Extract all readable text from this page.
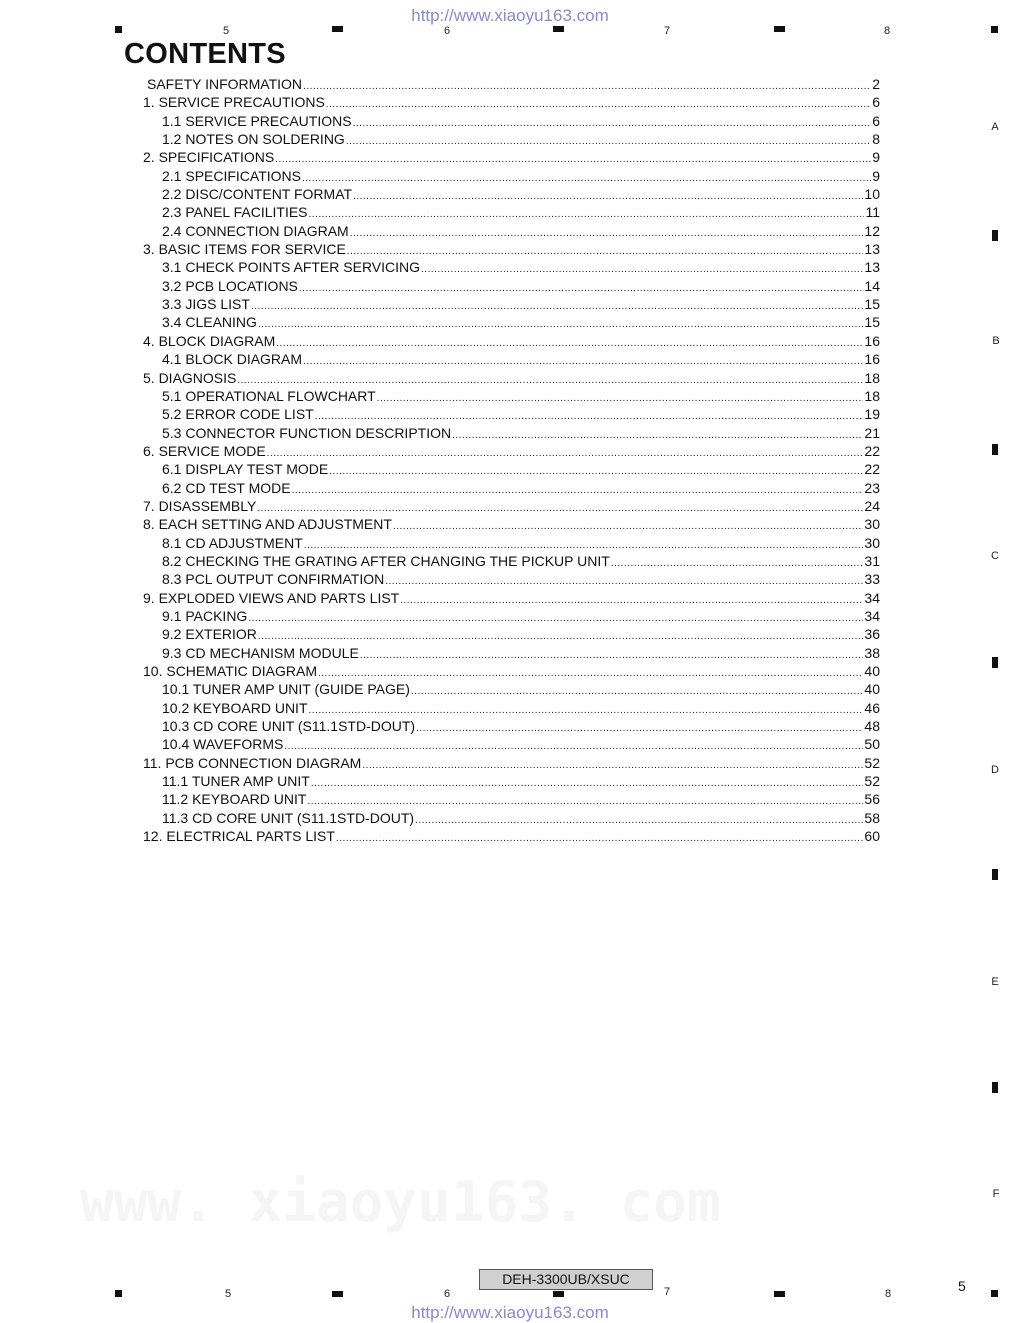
www. xiaoyu163. com
http://www.xiaoyu163.com
5	6	7	8
A
B
C
D
E
F
CONTENTS
SAFETY INFORMATION .....	2
1. SERVICE PRECAUTIONS .....	6
1.1 SERVICE PRECAUTIONS .....	6
1.2 NOTES ON SOLDERING .....	8
2. SPECIFICATIONS .....	9
2.1 SPECIFICATIONS .....	9
2.2 DISC/CONTENT FORMAT .....	10
2.3 PANEL FACILITIES .....	11
2.4 CONNECTION DIAGRAM .....	12
3. BASIC ITEMS FOR SERVICE .....	13
3.1 CHECK POINTS AFTER SERVICING .....	13
3.2 PCB LOCATIONS .....	14
3.3 JIGS LIST .....	15
3.4 CLEANING .....	15
4. BLOCK DIAGRAM .....	16
4.1 BLOCK DIAGRAM .....	16
5. DIAGNOSIS .....	18
5.1 OPERATIONAL FLOWCHART .....	18
5.2 ERROR CODE LIST .....	19
5.3 CONNECTOR FUNCTION DESCRIPTION .....	21
6. SERVICE MODE .....	22
6.1 DISPLAY TEST MODE .....	22
6.2 CD TEST MODE .....	23
7. DISASSEMBLY .....	24
8. EACH SETTING AND ADJUSTMENT .....	30
8.1 CD ADJUSTMENT .....	30
8.2 CHECKING THE GRATING AFTER CHANGING THE PICKUP UNIT .....	31
8.3 PCL OUTPUT CONFIRMATION .....	33
9. EXPLODED VIEWS AND PARTS LIST .....	34
9.1 PACKING .....	34
9.2 EXTERIOR .....	36
9.3 CD MECHANISM MODULE .....	38
10. SCHEMATIC DIAGRAM .....	40
10.1 TUNER AMP UNIT (GUIDE PAGE) .....	40
10.2 KEYBOARD UNIT .....	46
10.3 CD CORE UNIT (S11.1STD-DOUT) .....	48
10.4 WAVEFORMS .....	50
11. PCB CONNECTION DIAGRAM .....	52
11.1 TUNER AMP UNIT .....	52
11.2 KEYBOARD UNIT .....	56
11.3 CD CORE UNIT (S11.1STD-DOUT) .....	58
12. ELECTRICAL PARTS LIST .....	60
DEH-3300UB/XSUC	5
5	6	7	8
http://www.xiaoyu163.com
